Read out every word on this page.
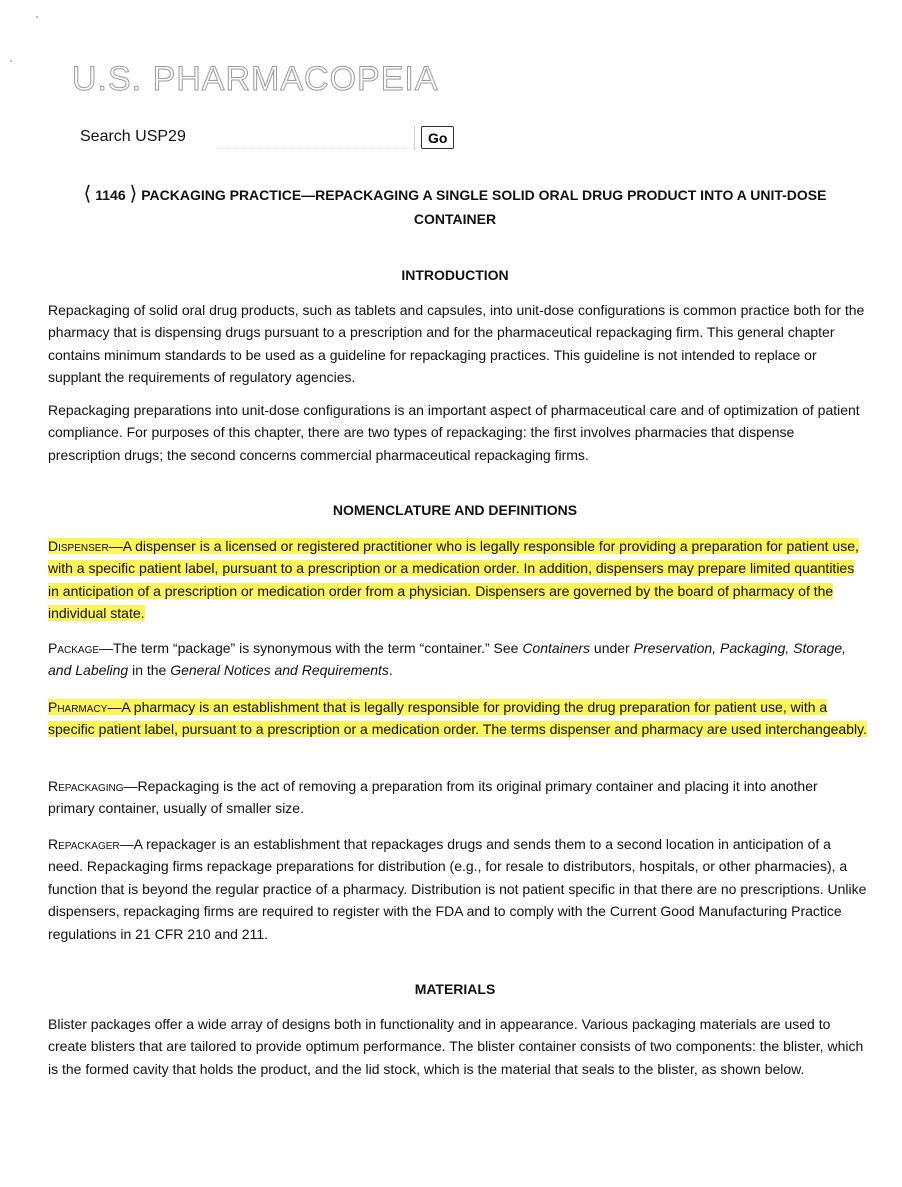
U.S. PHARMACOPEIA
Search USP29	Go
⟨ 1146 ⟩ PACKAGING PRACTICE—REPACKAGING A SINGLE SOLID ORAL DRUG PRODUCT INTO A UNIT-DOSE CONTAINER
INTRODUCTION

Repackaging of solid oral drug products, such as tablets and capsules, into unit-dose configurations is common practice both for the pharmacy that is dispensing drugs pursuant to a prescription and for the pharmaceutical repackaging firm. This general chapter contains minimum standards to be used as a guideline for repackaging practices. This guideline is not intended to replace or supplant the requirements of regulatory agencies.

Repackaging preparations into unit-dose configurations is an important aspect of pharmaceutical care and of optimization of patient compliance. For purposes of this chapter, there are two types of repackaging: the first involves pharmacies that dispense prescription drugs; the second concerns commercial pharmaceutical repackaging firms.

NOMENCLATURE AND DEFINITIONS

Dispenser—A dispenser is a licensed or registered practitioner who is legally responsible for providing a preparation for patient use, with a specific patient label, pursuant to a prescription or a medication order. In addition, dispensers may prepare limited quantities in anticipation of a prescription or medication order from a physician. Dispensers are governed by the board of pharmacy of the individual state.

Package—The term “package” is synonymous with the term “container.” See Containers under Preservation, Packaging, Storage, and Labeling in the General Notices and Requirements.

Pharmacy—A pharmacy is an establishment that is legally responsible for providing the drug preparation for patient use, with a specific patient label, pursuant to a prescription or a medication order. The terms dispenser and pharmacy are used interchangeably.

Repackaging—Repackaging is the act of removing a preparation from its original primary container and placing it into another primary container, usually of smaller size.

Repackager—A repackager is an establishment that repackages drugs and sends them to a second location in anticipation of a need. Repackaging firms repackage preparations for distribution (e.g., for resale to distributors, hospitals, or other pharmacies), a function that is beyond the regular practice of a pharmacy. Distribution is not patient specific in that there are no prescriptions. Unlike dispensers, repackaging firms are required to register with the FDA and to comply with the Current Good Manufacturing Practice regulations in 21 CFR 210 and 211.

MATERIALS

Blister packages offer a wide array of designs both in functionality and in appearance. Various packaging materials are used to create blisters that are tailored to provide optimum performance. The blister container consists of two components: the blister, which is the formed cavity that holds the product, and the lid stock, which is the material that seals to the blister, as shown below.
